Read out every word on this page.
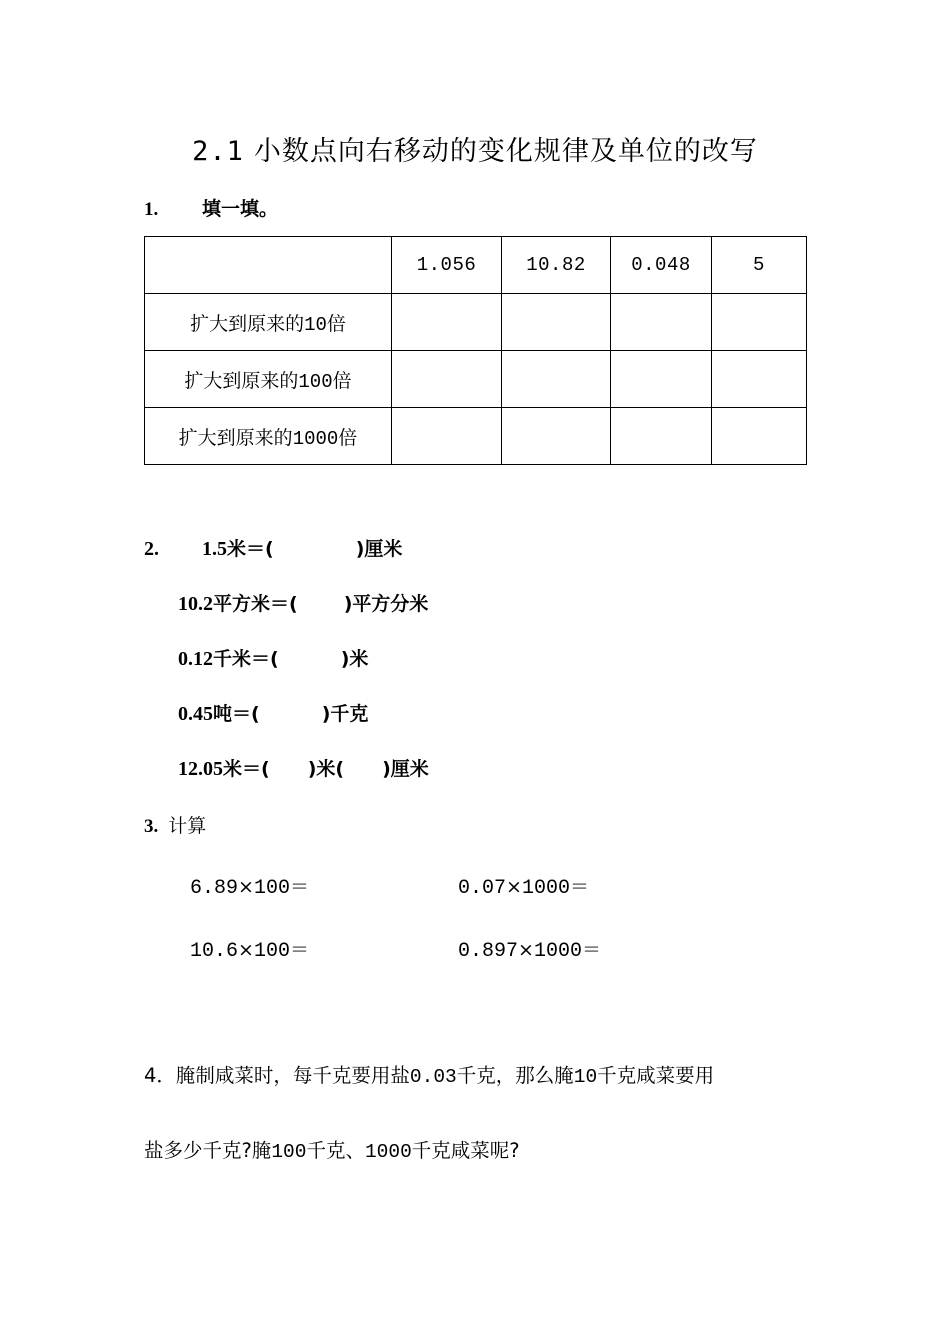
2.1 小数点向右移动的变化规律及单位的改写
1. 填一填。
	1.056	10.82	0.048	5
扩大到原来的10倍				
扩大到原来的100倍				
扩大到原来的1000倍				
2. 1.5米＝(	)厘米
10.2平方米＝( )平方分米
0.12千米＝(	)米
0.45吨＝(	)千克
12.05米＝( )米( )厘米
3. 计算
6.89×100＝	0.07×1000＝
10.6×100＝	0.897×1000＝
4．腌制咸菜时，每千克要用盐0.03千克，那么腌10千克咸菜要用
盐多少千克?腌100千克、1000千克咸菜呢?
